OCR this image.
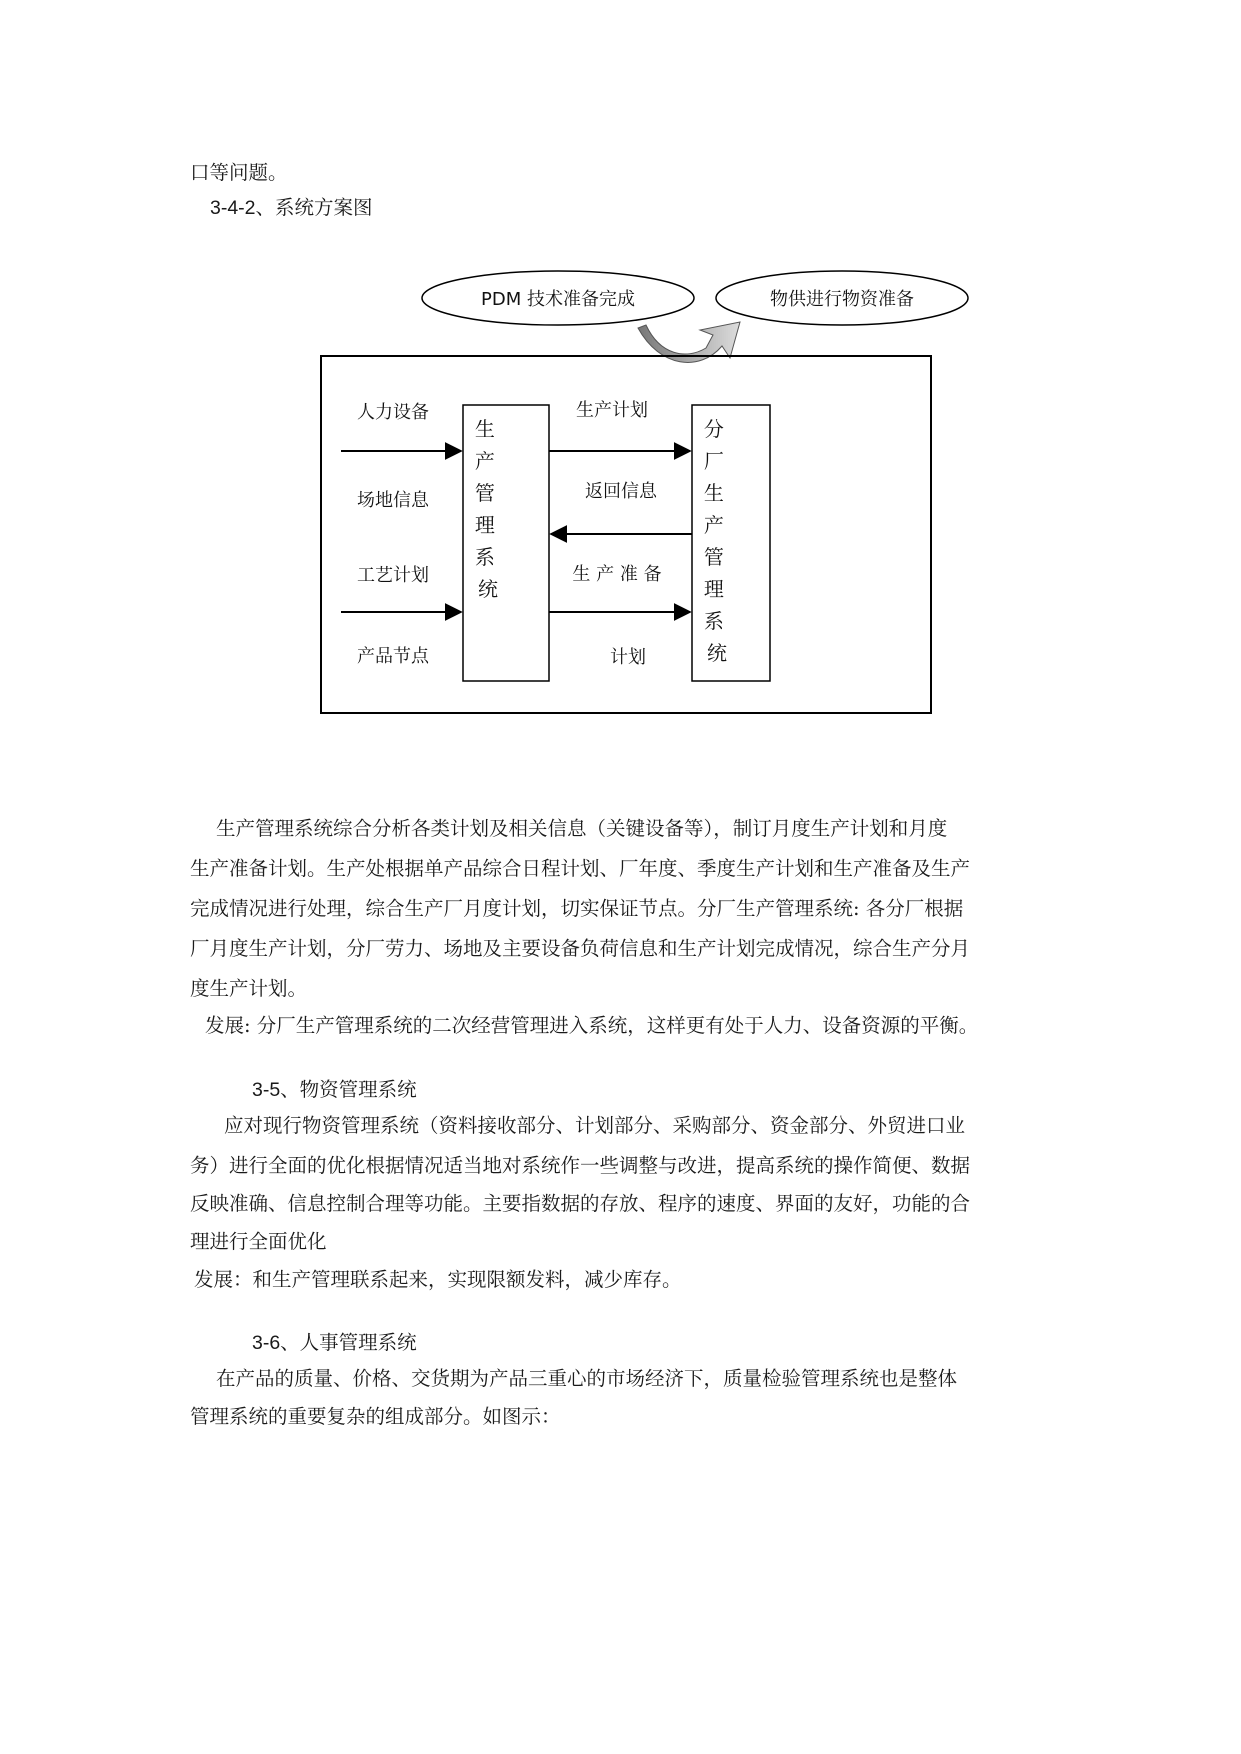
口等问题。
3-4-2、系统方案图
PDM 技术准备完成	物供进行物资准备
生 产 管 理 系 统
分 厂 生 产 管 理 系 统
人力设备
场地信息
工艺计划
产品节点
生产计划
返回信息
生 产 准 备
计划
生产管理系统综合分析各类计划及相关信息（关键设备等），制订月度生产计划和月度
生产准备计划。生产处根据单产品综合日程计划、厂年度、季度生产计划和生产准备及生产
完成情况进行处理，综合生产厂月度计划，切实保证节点。分厂生产管理系统: 各分厂根据
厂月度生产计划，分厂劳力、场地及主要设备负荷信息和生产计划完成情况，综合生产分月
度生产计划。
发展: 分厂生产管理系统的二次经营管理进入系统，这样更有处于人力、设备资源的平衡。
3-5、物资管理系统
应对现行物资管理系统（资料接收部分、计划部分、采购部分、资金部分、外贸进口业
务）进行全面的优化根据情况适当地对系统作一些调整与改进，提高系统的操作简便、数据
反映准确、信息控制合理等功能。主要指数据的存放、程序的速度、界面的友好，功能的合
理进行全面优化
发展：和生产管理联系起来，实现限额发料，减少库存。
3-6、人事管理系统
在产品的质量、价格、交货期为产品三重心的市场经济下，质量检验管理系统也是整体
管理系统的重要复杂的组成部分。如图示：
